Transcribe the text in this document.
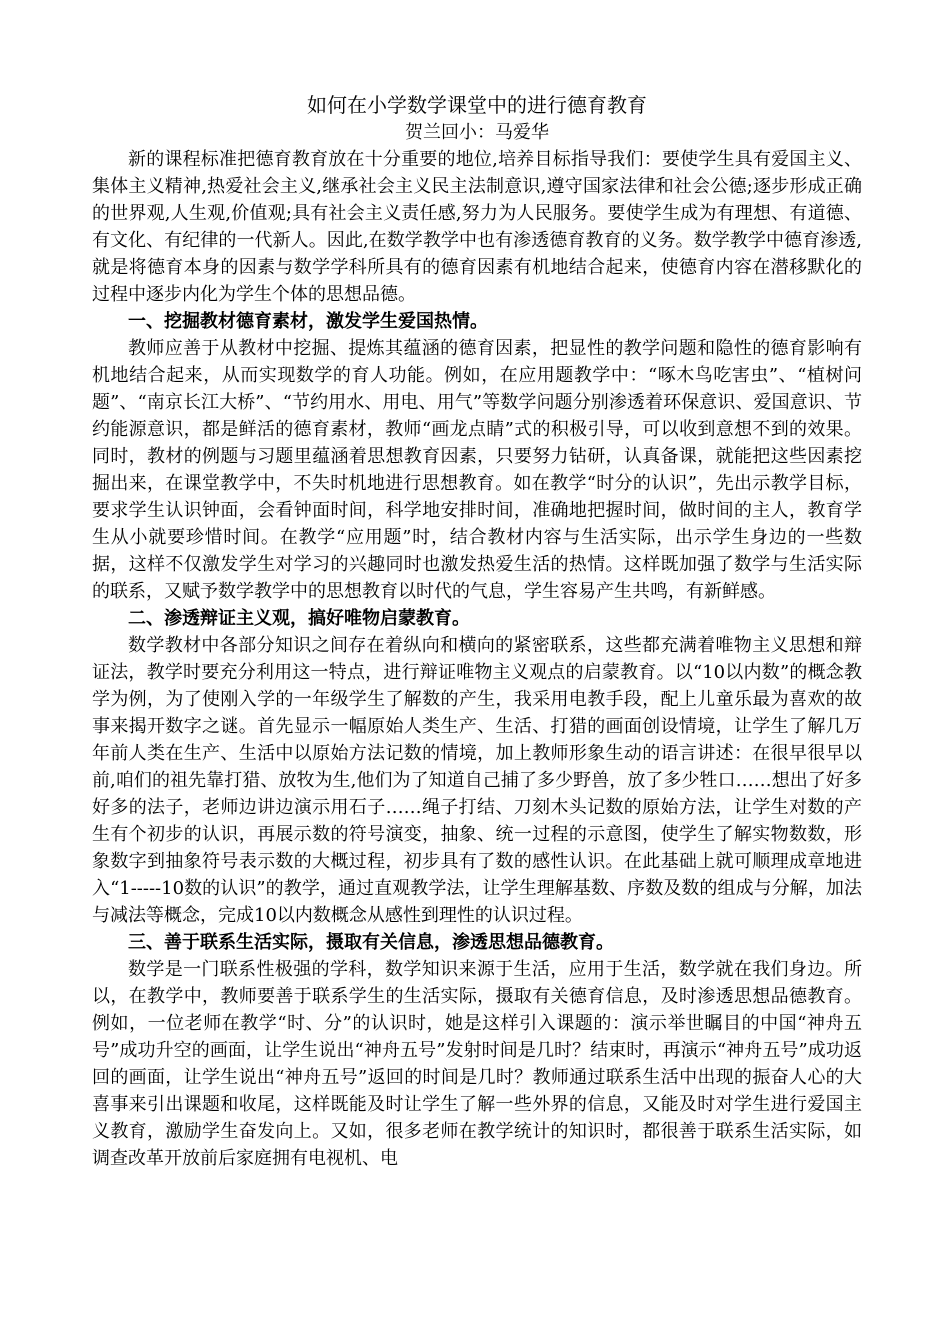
如何在小学数学课堂中的进行德育教育

贺兰回小：马爱华

新的课程标准把德育教育放在十分重要的地位,培养目标指导我们：要使学生具有爱国主义、集体主义精神,热爱社会主义,继承社会主义民主法制意识,遵守国家法律和社会公德;逐步形成正确的世界观,人生观,价值观;具有社会主义责任感,努力为人民服务。要使学生成为有理想、有道德、有文化、有纪律的一代新人。因此,在数学教学中也有渗透德育教育的义务。数学教学中德育渗透,就是将德育本身的因素与数学学科所具有的德育因素有机地结合起来，使德育内容在潜移默化的过程中逐步内化为学生个体的思想品德。

一、挖掘教材德育素材，激发学生爱国热情。

教师应善于从教材中挖掘、提炼其蕴涵的德育因素，把显性的教学问题和隐性的德育影响有机地结合起来，从而实现数学的育人功能。例如，在应用题教学中：“啄木鸟吃害虫”、“植树问题”、“南京长江大桥”、“节约用水、用电、用气”等数学问题分别渗透着环保意识、爱国意识、节约能源意识，都是鲜活的德育素材，教师“画龙点睛”式的积极引导，可以收到意想不到的效果。同时，教材的例题与习题里蕴涵着思想教育因素，只要努力钻研，认真备课，就能把这些因素挖掘出来，在课堂教学中，不失时机地进行思想教育。如在教学“时分的认识”，先出示教学目标，要求学生认识钟面，会看钟面时间，科学地安排时间，准确地把握时间，做时间的主人，教育学生从小就要珍惜时间。在教学“应用题”时，结合教材内容与生活实际，出示学生身边的一些数据，这样不仅激发学生对学习的兴趣同时也激发热爱生活的热情。这样既加强了数学与生活实际的联系，又赋予数学教学中的思想教育以时代的气息，学生容易产生共鸣，有新鲜感。

二、渗透辩证主义观，搞好唯物启蒙教育。

数学教材中各部分知识之间存在着纵向和横向的紧密联系，这些都充满着唯物主义思想和辩证法，教学时要充分利用这一特点，进行辩证唯物主义观点的启蒙教育。以“10以内数”的概念教学为例，为了使刚入学的一年级学生了解数的产生，我采用电教手段，配上儿童乐最为喜欢的故事来揭开数字之谜。首先显示一幅原始人类生产、生活、打猎的画面创设情境，让学生了解几万年前人类在生产、生活中以原始方法记数的情境，加上教师形象生动的语言讲述：在很早很早以前,咱们的祖先靠打猎、放牧为生,他们为了知道自己捕了多少野兽，放了多少牲口……想出了好多好多的法子，老师边讲边演示用石子……绳子打结、刀刻木头记数的原始方法，让学生对数的产生有个初步的认识，再展示数的符号演变，抽象、统一过程的示意图，使学生了解实物数数，形象数字到抽象符号表示数的大概过程，初步具有了数的感性认识。在此基础上就可顺理成章地进入“1-----10数的认识”的教学，通过直观教学法，让学生理解基数、序数及数的组成与分解，加法与减法等概念，完成10以内数概念从感性到理性的认识过程。

三、善于联系生活实际，摄取有关信息，渗透思想品德教育。

数学是一门联系性极强的学科，数学知识来源于生活，应用于生活，数学就在我们身边。所以，在教学中，教师要善于联系学生的生活实际，摄取有关德育信息，及时渗透思想品德教育。例如，一位老师在教学“时、分”的认识时，她是这样引入课题的：演示举世瞩目的中国“神舟五号”成功升空的画面，让学生说出“神舟五号”发射时间是几时？结束时，再演示“神舟五号”成功返回的画面，让学生说出“神舟五号”返回的时间是几时？教师通过联系生活中出现的振奋人心的大喜事来引出课题和收尾，这样既能及时让学生了解一些外界的信息，又能及时对学生进行爱国主义教育，激励学生奋发向上。又如，很多老师在教学统计的知识时，都很善于联系生活实际，如调查改革开放前后家庭拥有电视机、电
